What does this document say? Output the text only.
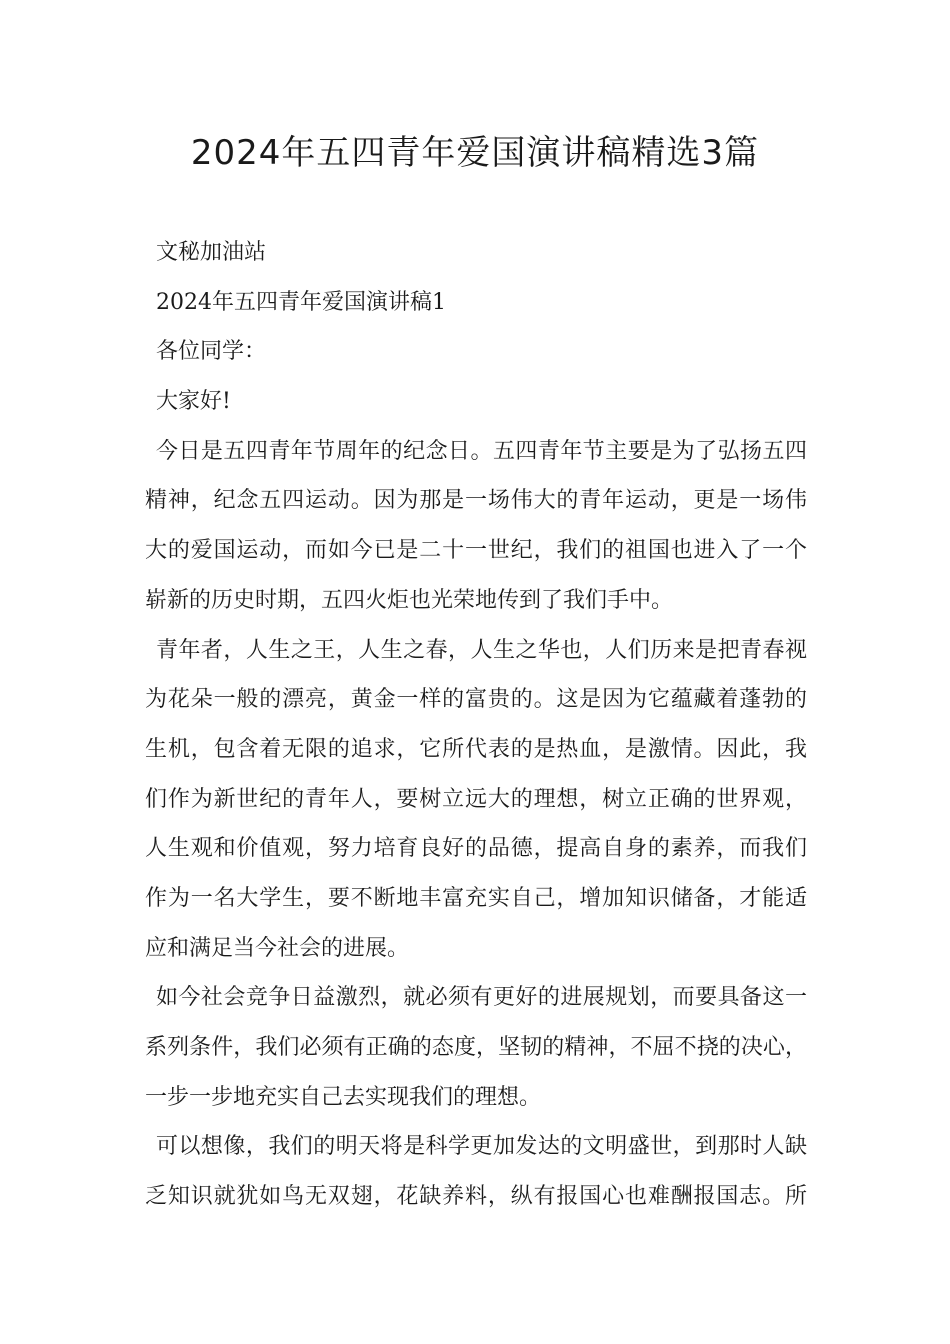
2024年五四青年爱国演讲稿精选3篇

文秘加油站

2024年五四青年爱国演讲稿1

各位同学：

大家好!

今日是五四青年节周年的纪念日。五四青年节主要是为了弘扬五四

精神，纪念五四运动。因为那是一场伟大的青年运动，更是一场伟

大的爱国运动，而如今已是二十一世纪，我们的祖国也进入了一个

崭新的历史时期，五四火炬也光荣地传到了我们手中。

青年者，人生之王，人生之春，人生之华也，人们历来是把青春视

为花朵一般的漂亮，黄金一样的富贵的。这是因为它蕴藏着蓬勃的

生机，包含着无限的追求，它所代表的是热血，是激情。因此，我

们作为新世纪的青年人，要树立远大的理想，树立正确的世界观，

人生观和价值观，努力培育良好的品德，提高自身的素养，而我们

作为一名大学生，要不断地丰富充实自己，增加知识储备，才能适

应和满足当今社会的进展。

如今社会竞争日益激烈，就必须有更好的进展规划，而要具备这一

系列条件，我们必须有正确的态度，坚韧的精神，不屈不挠的决心，

一步一步地充实自己去实现我们的理想。

可以想像，我们的明天将是科学更加发达的文明盛世，到那时人缺

乏知识就犹如鸟无双翅，花缺养料，纵有报国心也难酬报国志。所
